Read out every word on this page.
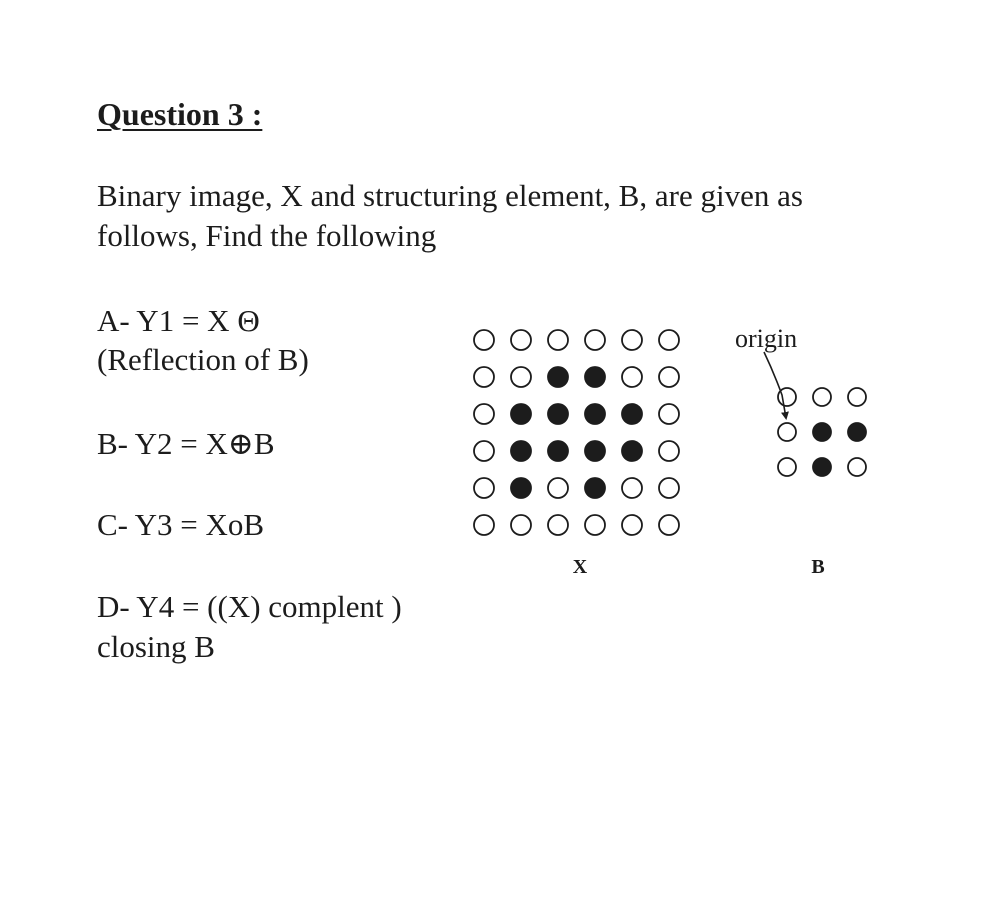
Question 3 :
Binary image, X and structuring element, B, are given as
follows, Find the following
A- Y1 = X Θ
(Reflection of B)
B- Y2 = X⊕B
C- Y3 = XoB
D- Y4 = ((X) complent )
closing B
origin
X	B
